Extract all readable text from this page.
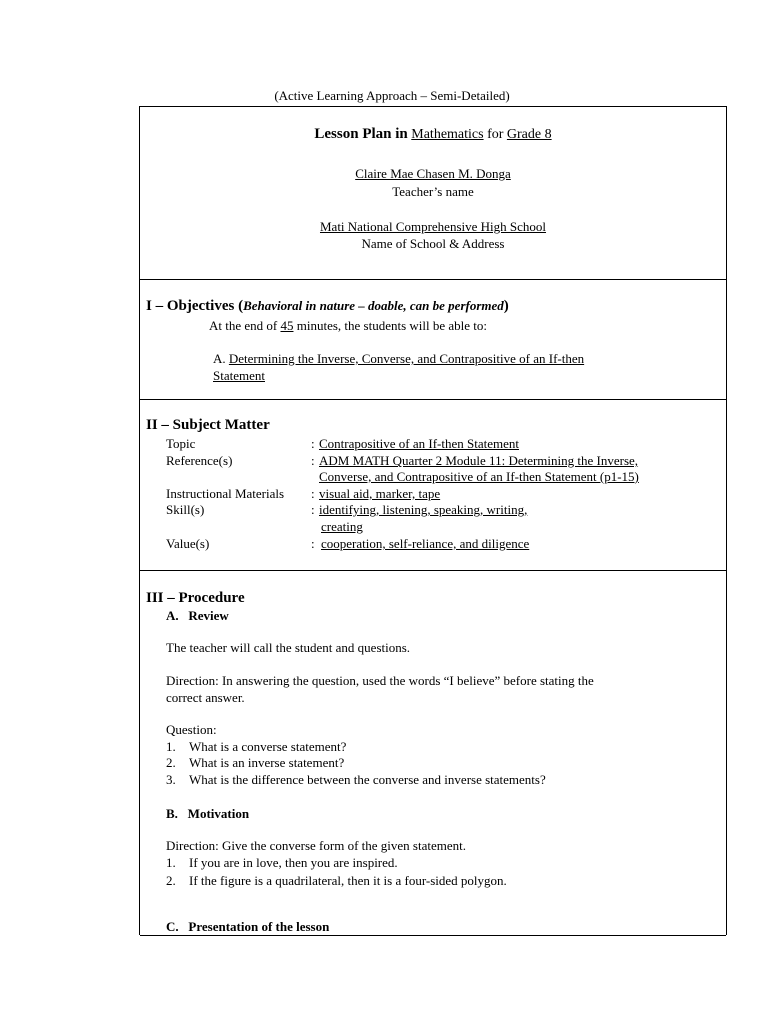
(Active Learning Approach – Semi-Detailed)
Lesson Plan in Mathematics for Grade 8
Claire Mae Chasen M. Donga
Teacher’s name
Mati National Comprehensive High School
Name of School & Address
I – Objectives (Behavioral in nature – doable, can be performed)
At the end of 45 minutes, the students will be able to:
A. Determining the Inverse, Converse, and Contrapositive of an If-then
Statement
II – Subject Matter
Topic	: Contrapositive of an If-then Statement
Reference(s)	: ADM MATH Quarter 2 Module 11: Determining the Inverse,
Converse, and Contrapositive of an If-then Statement (p1-15)
Instructional Materials : visual aid, marker, tape
Skill(s)	: identifying, listening, speaking, writing,
creating
Value(s)	: cooperation, self-reliance, and diligence
III – Procedure
A.   Review
The teacher will call the student and questions.
Direction: In answering the question, used the words “I believe” before stating the
correct answer.
Question:
1. What is a converse statement?
2. What is an inverse statement?
3. What is the difference between the converse and inverse statements?
B.   Motivation
Direction: Give the converse form of the given statement.
1. If you are in love, then you are inspired.
2. If the figure is a quadrilateral, then it is a four-sided polygon.
C.   Presentation of the lesson
